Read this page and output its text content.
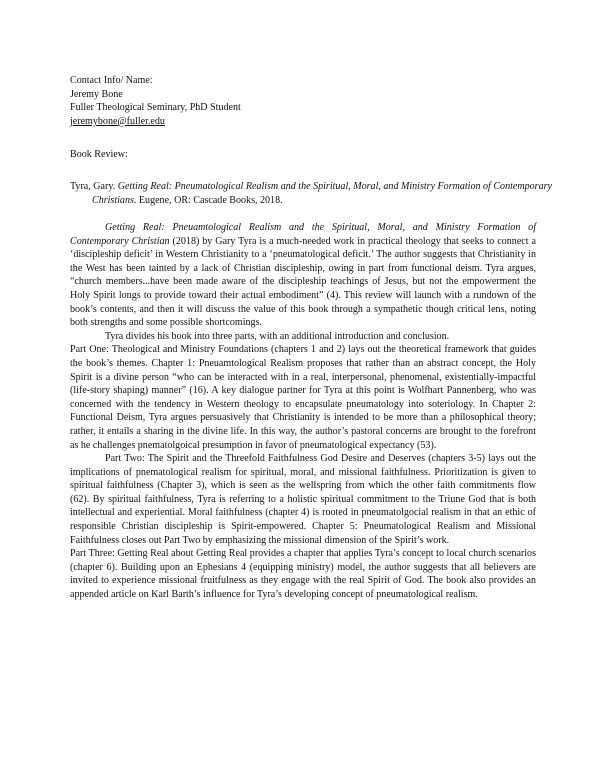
Contact Info/ Name:
Jeremy Bone
Fuller Theological Seminary, PhD Student
jeremybone@fuller.edu
Book Review:
Tyra, Gary. Getting Real: Pneumatological Realism and the Spiritual, Moral, and Ministry Formation of Contemporary Christians. Eugene, OR: Cascade Books, 2018.

Getting Real: Pneuamtological Realism and the Spiritual, Moral, and Ministry Formation of Contemporary Christian (2018) by Gary Tyra is a much-needed work in practical theology that seeks to connect a ‘discipleship deficit’ in Western Christianity to a ‘pneumatological deficit.’ The author suggests that Christianity in the West has been tainted by a lack of Christian discipleship, owing in part from functional deism. Tyra argues, “church members...have been made aware of the discipleship teachings of Jesus, but not the empowerment the Holy Spirit longs to provide toward their actual embodiment” (4). This review will launch with a rundown of the book’s contents, and then it will discuss the value of this book through a sympathetic though critical lens, noting both strengths and some possible shortcomings.

Tyra divides his book into three parts, with an additional introduction and conclusion.

Part One: Theological and Ministry Foundations (chapters 1 and 2) lays out the theoretical framework that guides the book’s themes. Chapter 1: Pneuamtological Realism proposes that rather than an abstract concept, the Holy Spirit is a divine person “who can be interacted with in a real, interpersonal, phenomenal, existentially-impactful (life-story shaping) manner” (16). A key dialogue partner for Tyra at this point is Wolfhart Pannenberg, who was concerned with the tendency in Western theology to encapsulate pneumatology into soteriology. In Chapter 2: Functional Deism, Tyra argues persuasively that Christianity is intended to be more than a philosophical theory; rather, it entails a sharing in the divine life. In this way, the author’s pastoral concerns are brought to the forefront as he challenges pnematolgoical presumption in favor of pneumatological expectancy (53).

Part Two: The Spirit and the Threefold Faithfulness God Desire and Deserves (chapters 3-5) lays out the implications of pnematological realism for spiritual, moral, and missional faithfulness. Prioritization is given to spiritual faithfulness (Chapter 3), which is seen as the wellspring from which the other faith commitments flow (62). By spiritual faithfulness, Tyra is referring to a holistic spiritual commitment to the Triune God that is both intellectual and experiential. Moral faithfulness (chapter 4) is rooted in pneumatolgocial realism in that an ethic of responsible Christian discipleship is Spirit-empowered. Chapter 5: Pneumatological Realism and Missional Faithfulness closes out Part Two by emphasizing the missional dimension of the Spirit’s work.

Part Three: Getting Real about Getting Real provides a chapter that applies Tyra’s concept to local church scenarios (chapter 6). Building upon an Ephesians 4 (equipping ministry) model, the author suggests that all believers are invited to experience missional fruitfulness as they engage with the real Spirit of God. The book also provides an appended article on Karl Barth’s influence for Tyra’s developing concept of pneumatological realism.
